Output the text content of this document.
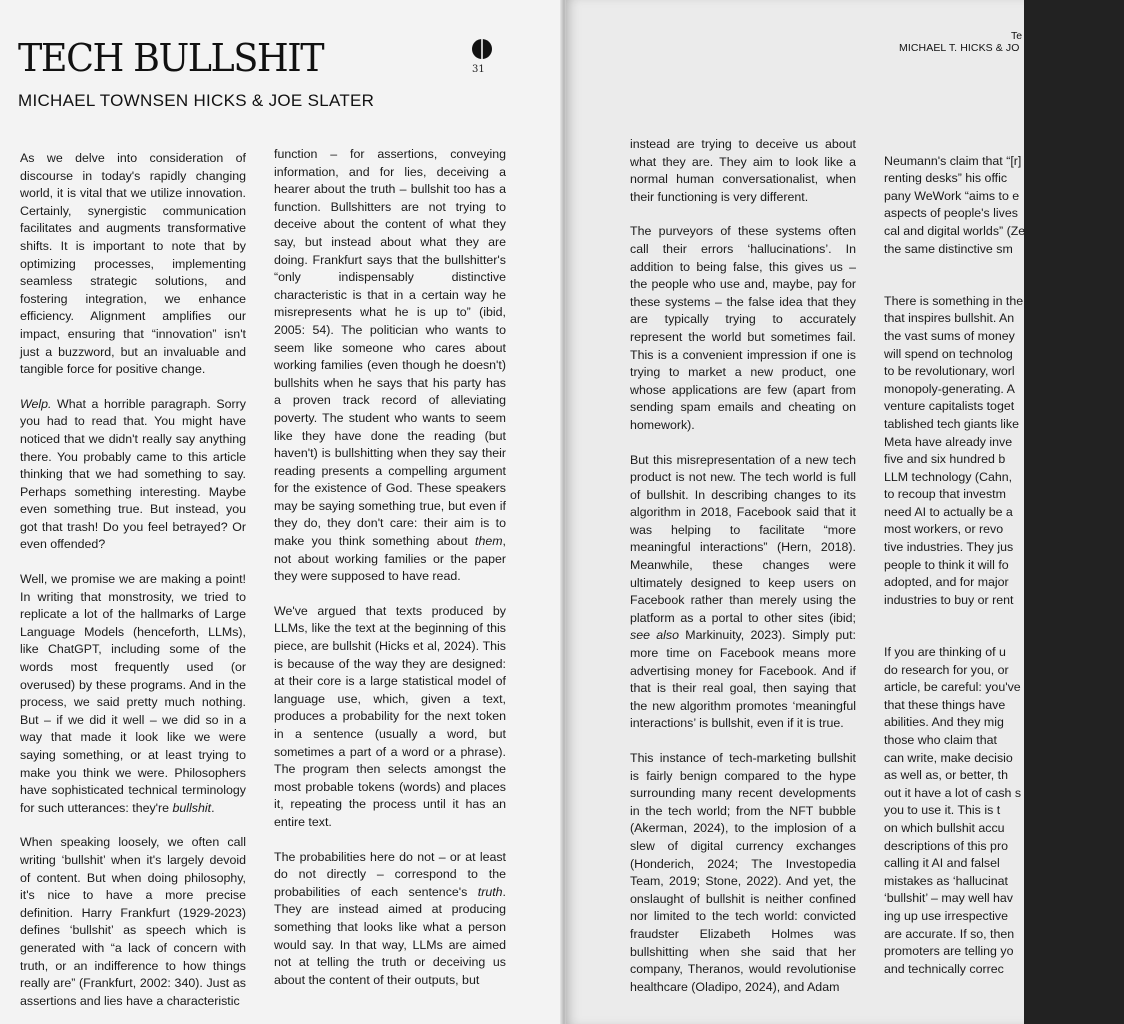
TECH BULLSHIT
MICHAEL TOWNSEN HICKS & JOE SLATER
31

As we delve into consideration of discourse in today's rapidly changing world, it is vital that we utilize innovation. Certainly, synergistic communication facilitates and augments transformative shifts. It is important to note that by optimizing processes, implementing seamless strategic solutions, and fostering integration, we enhance efficiency. Alignment amplifies our impact, ensuring that “innovation” isn't just a buzzword, but an invaluable and tangible force for positive change.

Welp. What a horrible paragraph. Sorry you had to read that. You might have noticed that we didn't really say anything there. You probably came to this article thinking that we had something to say. Perhaps something interesting. Maybe even something true. But instead, you got that trash! Do you feel betrayed? Or even offended?

Well, we promise we are making a point! In writing that monstrosity, we tried to replicate a lot of the hallmarks of Large Language Models (henceforth, LLMs), like ChatGPT, including some of the words most frequently used (or overused) by these programs. And in the process, we said pretty much nothing. But – if we did it well – we did so in a way that made it look like we were saying something, or at least trying to make you think we were. Philosophers have sophisticated technical terminology for such utterances: they're bullshit.

When speaking loosely, we often call writing ‘bullshit’ when it's largely devoid of content. But when doing philosophy, it's nice to have a more precise definition. Harry Frankfurt (1929-2023) defines ‘bullshit’ as speech which is generated with “a lack of concern with truth, or an indifference to how things really are” (Frankfurt, 2002: 340). Just as assertions and lies have a characteristic

function – for assertions, conveying information, and for lies, deceiving a hearer about the truth – bullshit too has a function. Bullshitters are not trying to deceive about the content of what they say, but instead about what they are doing. Frankfurt says that the bullshitter's “only indispensably distinctive characteristic is that in a certain way he misrepresents what he is up to” (ibid, 2005: 54). The politician who wants to seem like someone who cares about working families (even though he doesn't) bullshits when he says that his party has a proven track record of alleviating poverty. The student who wants to seem like they have done the reading (but haven't) is bullshitting when they say their reading presents a compelling argument for the existence of God. These speakers may be saying something true, but even if they do, they don't care: their aim is to make you think something about them, not about working families or the paper they were supposed to have read.

We've argued that texts produced by LLMs, like the text at the beginning of this piece, are bullshit (Hicks et al, 2024). This is because of the way they are designed: at their core is a large statistical model of language use, which, given a text, produces a probability for the next token in a sentence (usually a word, but sometimes a part of a word or a phrase). The program then selects amongst the most probable tokens (words) and places it, repeating the process until it has an entire text.

The probabilities here do not – or at least do not directly – correspond to the probabilities of each sentence's truth. They are instead aimed at producing something that looks like what a person would say. In that way, LLMs are aimed not at telling the truth or deceiving us about the content of their outputs, but

Te
MICHAEL T. HICKS & JO

instead are trying to deceive us about what they are. They aim to look like a normal human conversationalist, when their functioning is very different.

The purveyors of these systems often call their errors ‘hallucinations’. In addition to being false, this gives us – the people who use and, maybe, pay for these systems – the false idea that they are typically trying to accurately represent the world but sometimes fail. This is a convenient impression if one is trying to market a new product, one whose applications are few (apart from sending spam emails and cheating on homework).

But this misrepresentation of a new tech product is not new. The tech world is full of bullshit. In describing changes to its algorithm in 2018, Facebook said that it was helping to facilitate “more meaningful interactions” (Hern, 2018). Meanwhile, these changes were ultimately designed to keep users on Facebook rather than merely using the platform as a portal to other sites (ibid; see also Markinuity, 2023). Simply put: more time on Facebook means more advertising money for Facebook. And if that is their real goal, then saying that the new algorithm promotes ‘meaningful interactions’ is bullshit, even if it is true.

This instance of tech-marketing bullshit is fairly benign compared to the hype surrounding many recent developments in the tech world; from the NFT bubble (Akerman, 2024), to the implosion of a slew of digital currency exchanges (Honderich, 2024; The Investopedia Team, 2019; Stone, 2022). And yet, the onslaught of bullshit is neither confined nor limited to the tech world: convicted fraudster Elizabeth Holmes was bullshitting when she said that her company, Theranos, would revolutionise healthcare (Oladipo, 2024), and Adam

Neumann's claim that “[r]
renting desks” his offic
pany WeWork “aims to e
aspects of people's lives
cal and digital worlds” (Ze
the same distinctive sm

There is something in the
that inspires bullshit. An
the vast sums of money
will spend on technolog
to be revolutionary, worl
monopoly-generating. A
venture capitalists toget
tablished tech giants like
Meta have already inve
five and six hundred b
LLM technology (Cahn,
to recoup that investm
need AI to actually be a
most workers, or revo
tive industries. They jus
people to think it will fo
adopted, and for major
industries to buy or rent

If you are thinking of u
do research for you, or
article, be careful: you've
that these things have
abilities. And they mig
those who claim that
can write, make decisio
as well as, or better, th
out it have a lot of cash s
you to use it. This is t
on which bullshit accu
descriptions of this pro
calling it AI and falsel
mistakes as ‘hallucinat
‘bullshit’ – may well hav
ing up use irrespective
are accurate. If so, then
promoters are telling yo
and technically correc
